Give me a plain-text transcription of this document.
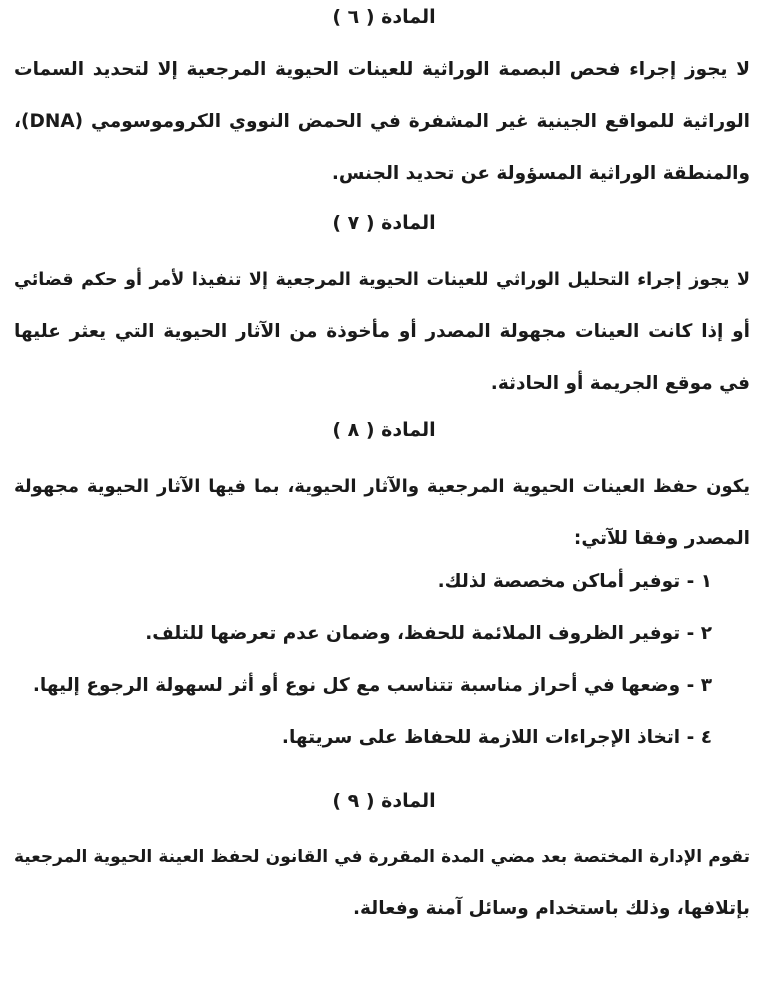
المادة ( ٦ )

لا يجوز إجراء فحص البصمة الوراثية للعينات الحيوية المرجعية إلا لتحديد السمات

الوراثية للمواقع الجينية غير المشفرة في الحمض النووي الكروموسومي (DNA)،

والمنطقة الوراثية المسؤولة عن تحديد الجنس.

المادة ( ٧ )

لا يجوز إجراء التحليل الوراثي للعينات الحيوية المرجعية إلا تنفيذا لأمر أو حكم قضائي

أو إذا كانت العينات مجهولة المصدر أو مأخوذة من الآثار الحيوية التي يعثر عليها

في موقع الجريمة أو الحادثة.

المادة ( ٨ )

يكون حفظ العينات الحيوية المرجعية والآثار الحيوية، بما فيها الآثار الحيوية مجهولة

المصدر وفقا للآتي:

١ - توفير أماكن مخصصة لذلك.

٢ - توفير الظروف الملائمة للحفظ، وضمان عدم تعرضها للتلف.

٣ - وضعها في أحراز مناسبة تتناسب مع كل نوع أو أثر لسهولة الرجوع إليها.

٤ - اتخاذ الإجراءات اللازمة للحفاظ على سريتها.

المادة ( ٩ )

تقوم الإدارة المختصة بعد مضي المدة المقررة في القانون لحفظ العينة الحيوية المرجعية

بإتلافها، وذلك باستخدام وسائل آمنة وفعالة.
